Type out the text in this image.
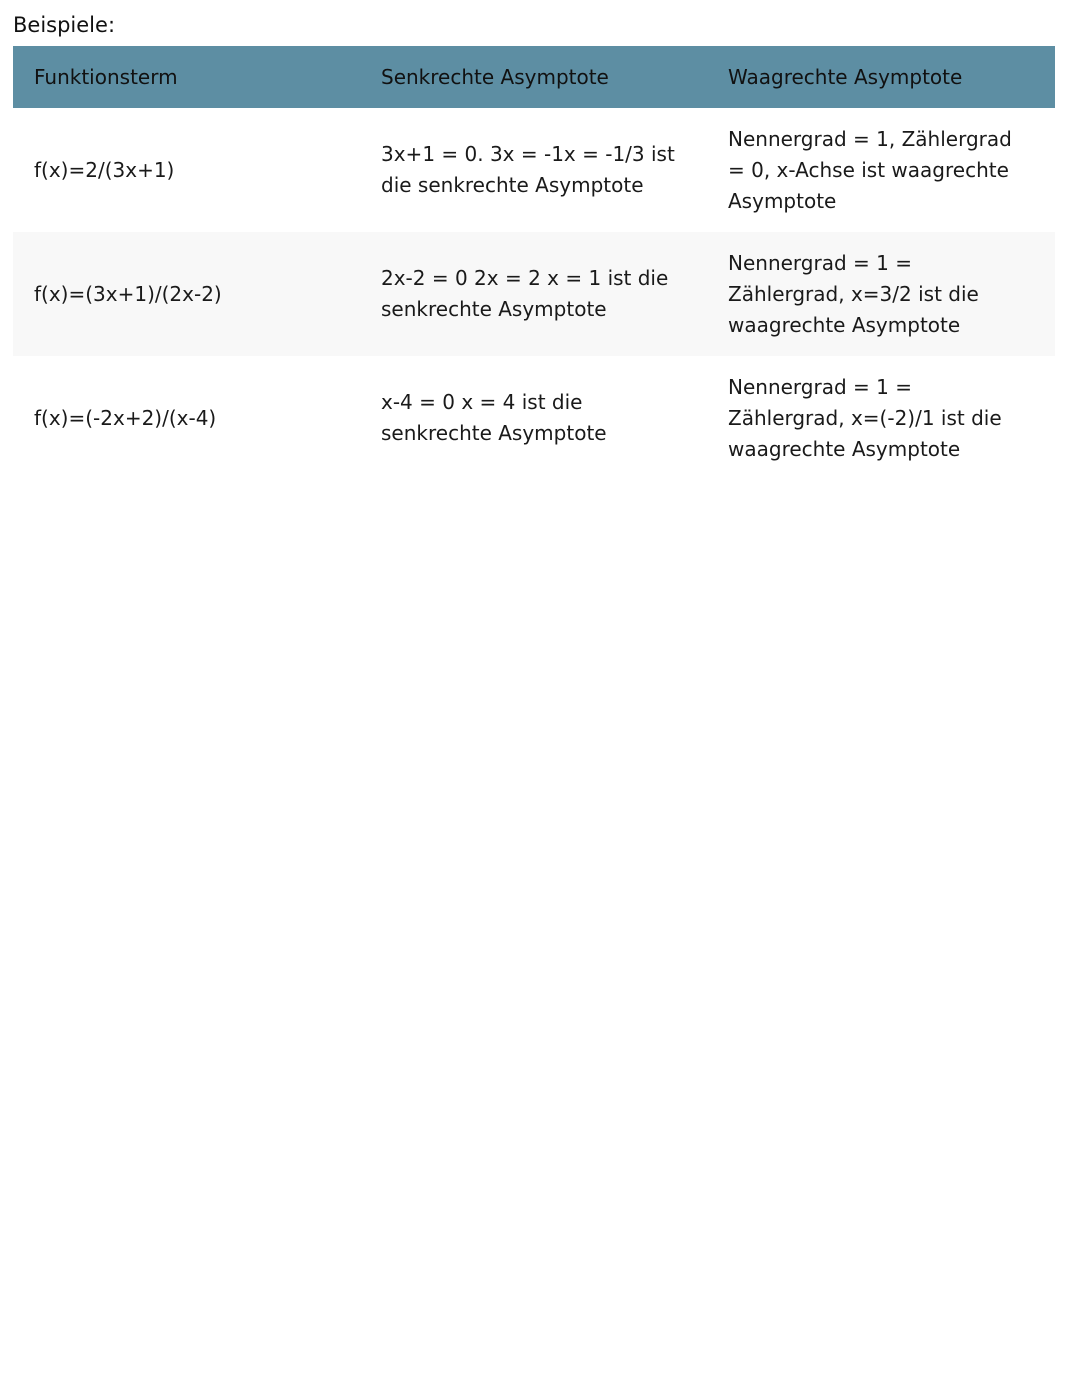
Beispiele:
Funktionsterm	Senkrechte Asymptote	Waagrechte Asymptote
f(x)=2/(3x+1)
3x+1 = 0. 3x = -1x = -1/3 ist
die senkrechte Asymptote
Nennergrad = 1, Zählergrad
= 0, x-Achse ist waagrechte
Asymptote
f(x)=(3x+1)/(2x-2)
2x-2 = 0 2x = 2 x = 1 ist die
senkrechte Asymptote
Nennergrad = 1 =
Zählergrad, x=3/2 ist die
waagrechte Asymptote
f(x)=(-2x+2)/(x-4)
x-4 = 0 x = 4 ist die
senkrechte Asymptote
Nennergrad = 1 =
Zählergrad, x=(-2)/1 ist die
waagrechte Asymptote
